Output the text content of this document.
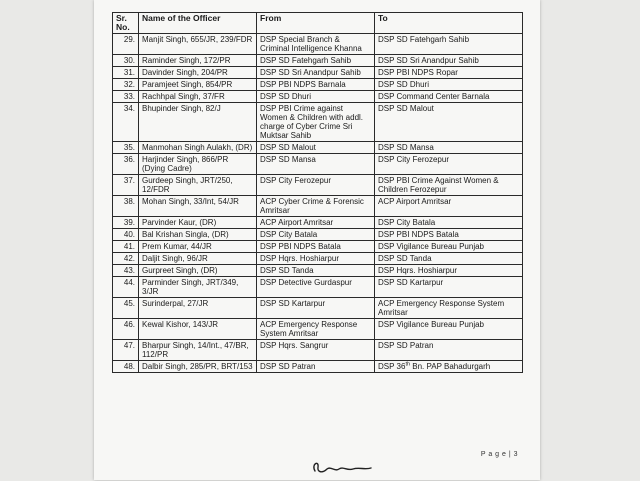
Sr. No.	Name of the Officer	From	To
29.	Manjit Singh, 655/JR, 239/FDR	DSP Special Branch & Criminal Intelligence Khanna	DSP SD Fatehgarh Sahib
30.	Raminder Singh, 172/PR	DSP SD Fatehgarh Sahib	DSP SD Sri Anandpur Sahib
31.	Davinder Singh, 204/PR	DSP SD Sri Anandpur Sahib	DSP PBI NDPS Ropar
32.	Paramjeet Singh, 854/PR	DSP PBI NDPS Barnala	DSP SD Dhuri
33.	Rachhpal Singh, 37/FR	DSP SD Dhuri	DSP Command Center Barnala
34.	Bhupinder Singh, 82/J	DSP PBI Crime against Women & Children with addl. charge of Cyber Crime Sri Muktsar Sahib	DSP SD Malout
35.	Manmohan Singh Aulakh, (DR)	DSP SD Malout	DSP SD Mansa
36.	Harjinder Singh, 866/PR (Dying Cadre)	DSP SD Mansa	DSP City Ferozepur
37.	Gurdeep Singh, JRT/250, 12/FDR	DSP City Ferozepur	DSP PBI Crime Against Women & Children Ferozepur
38.	Mohan Singh, 33/Int, 54/JR	ACP Cyber Crime & Forensic Amritsar	ACP Airport Amritsar
39.	Parvinder Kaur, (DR)	ACP Airport Amritsar	DSP City Batala
40.	Bal Krishan Singla, (DR)	DSP City Batala	DSP PBI NDPS Batala
41.	Prem Kumar, 44/JR	DSP PBI NDPS Batala	DSP Vigilance Bureau Punjab
42.	Daljit Singh, 96/JR	DSP Hqrs. Hoshiarpur	DSP SD Tanda
43.	Gurpreet Singh, (DR)	DSP SD Tanda	DSP Hqrs. Hoshiarpur
44.	Parminder Singh, JRT/349, 3/JR	DSP Detective Gurdaspur	DSP SD Kartarpur
45.	Surinderpal, 27/JR	DSP SD Kartarpur	ACP Emergency Response System Amritsar
46.	Kewal Kishor, 143/JR	ACP Emergency Response System Amritsar	DSP Vigilance Bureau Punjab
47.	Bharpur Singh, 14/Int., 47/BR, 112/PR	DSP Hqrs. Sangrur	DSP SD Patran
48.	Dalbir Singh, 285/PR, BRT/153	DSP SD Patran	DSP 36th Bn. PAP Bahadurgarh
P a g e | 3
